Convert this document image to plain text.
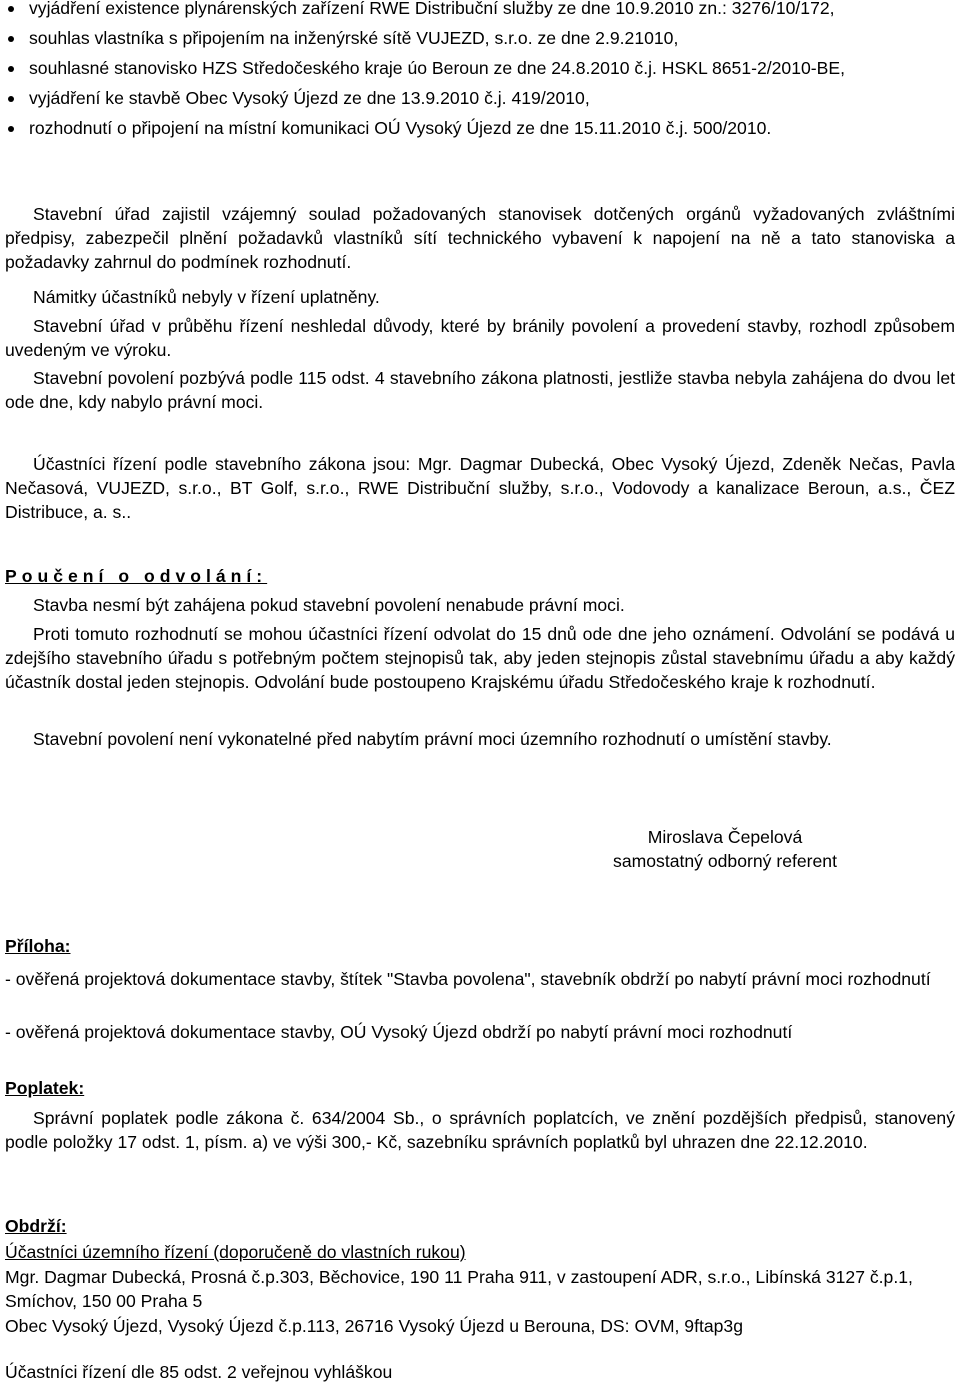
vyjádření existence plynárenských zařízení RWE Distribuční služby ze dne 10.9.2010 zn.: 3276/10/172,
souhlas vlastníka s připojením na inženýrské sítě VUJEZD, s.r.o. ze dne 2.9.21010,
souhlasné stanovisko HZS Středočeského kraje úo Beroun ze dne 24.8.2010 č.j. HSKL 8651-2/2010-BE,
vyjádření ke stavbě Obec Vysoký Újezd ze dne 13.9.2010 č.j. 419/2010,
rozhodnutí o připojení na místní komunikaci OÚ Vysoký Újezd ze dne 15.11.2010 č.j. 500/2010.

Stavební úřad zajistil vzájemný soulad požadovaných stanovisek dotčených orgánů vyžadovaných zvláštními předpisy, zabezpečil plnění požadavků vlastníků sítí technického vybavení k napojení na ně a tato stanoviska a požadavky zahrnul do podmínek rozhodnutí.

Námitky účastníků nebyly v řízení uplatněny.

Stavební úřad v průběhu řízení neshledal důvody, které by bránily povolení a provedení stavby, rozhodl způsobem uvedeným ve výroku.

Stavební povolení pozbývá podle 115 odst. 4 stavebního zákona platnosti, jestliže stavba nebyla zahájena do dvou let ode dne, kdy nabylo právní moci.

Účastníci řízení podle stavebního zákona jsou: Mgr. Dagmar Dubecká, Obec Vysoký Újezd, Zdeněk Nečas, Pavla Nečasová, VUJEZD, s.r.o., BT Golf, s.r.o., RWE Distribuční služby, s.r.o., Vodovody a kanalizace Beroun, a.s., ČEZ Distribuce, a. s..

Poučení o odvolání:

Stavba nesmí být zahájena pokud stavební povolení nenabude právní moci.

Proti tomuto rozhodnutí se mohou účastníci řízení odvolat do 15 dnů ode dne jeho oznámení. Odvolání se podává u zdejšího stavebního úřadu s potřebným počtem stejnopisů tak, aby jeden stejnopis zůstal stavebnímu úřadu a aby každý účastník dostal jeden stejnopis. Odvolání bude postoupeno Krajskému úřadu Středočeského kraje k rozhodnutí.

Stavební povolení není vykonatelné před nabytím právní moci územního rozhodnutí o umístění stavby.

Miroslava Čepelová
samostatný odborný referent

Příloha:

- ověřená projektová dokumentace stavby, štítek "Stavba povolena", stavebník obdrží po nabytí právní moci rozhodnutí

- ověřená projektová dokumentace stavby, OÚ Vysoký Újezd obdrží po nabytí právní moci rozhodnutí

Poplatek:

Správní poplatek podle zákona č. 634/2004 Sb., o správních poplatcích, ve znění pozdějších předpisů, stanovený podle položky 17 odst. 1, písm. a) ve výši 300,- Kč, sazebníku správních poplatků byl uhrazen dne 22.12.2010.

Obdrží:

Účastníci územního řízení (doporučeně do vlastních rukou)

Mgr. Dagmar Dubecká, Prosná č.p.303, Běchovice, 190 11 Praha 911, v zastoupení ADR, s.r.o., Libínská 3127 č.p.1, Smíchov, 150 00 Praha 5

Obec Vysoký Újezd, Vysoký Újezd č.p.113, 26716 Vysoký Újezd u Berouna, DS: OVM, 9ftap3g

Účastníci řízení dle 85 odst. 2 veřejnou vyhláškou
